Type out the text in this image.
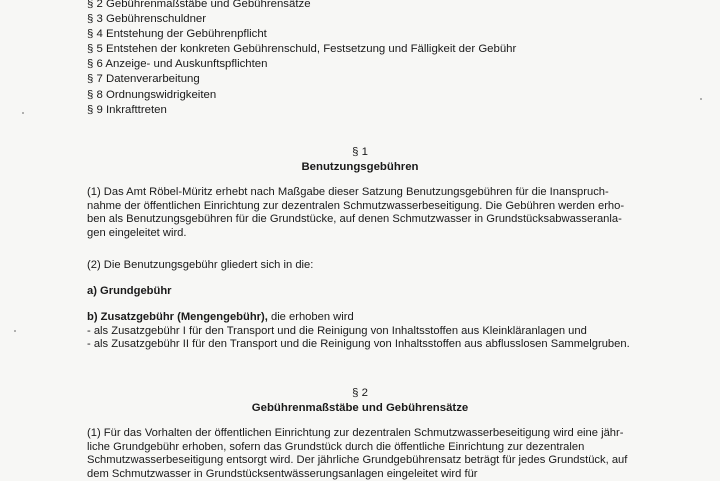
§ 2 Gebührenmaßstäbe und Gebührensätze
§ 3 Gebührenschuldner
§ 4 Entstehung der Gebührenpflicht
§ 5 Entstehen der konkreten Gebührenschuld, Festsetzung und Fälligkeit der Gebühr
§ 6 Anzeige- und Auskunftspflichten
§ 7 Datenverarbeitung
§ 8 Ordnungswidrigkeiten
§ 9 Inkrafttreten
§ 1
Benutzungsgebühren
(1) Das Amt Röbel-Müritz erhebt nach Maßgabe dieser Satzung Benutzungsgebühren für die Inanspruch-
nahme der öffentlichen Einrichtung zur dezentralen Schmutzwasserbeseitigung. Die Gebühren werden erho-
ben als Benutzungsgebühren für die Grundstücke, auf denen Schmutzwasser in Grundstücksabwasseranla-
gen eingeleitet wird.
(2) Die Benutzungsgebühr gliedert sich in die:
a) Grundgebühr
b) Zusatzgebühr (Mengengebühr), die erhoben wird
- als Zusatzgebühr I für den Transport und die Reinigung von Inhaltsstoffen aus Kleinkläranlagen und
- als Zusatzgebühr II für den Transport und die Reinigung von Inhaltsstoffen aus abflusslosen Sammelgruben.
§ 2
Gebührenmaßstäbe und Gebührensätze
(1) Für das Vorhalten der öffentlichen Einrichtung zur dezentralen Schmutzwasserbeseitigung wird eine jähr-
liche Grundgebühr erhoben, sofern das Grundstück durch die öffentliche Einrichtung zur dezentralen
Schmutzwasserbeseitigung entsorgt wird. Der jährliche Grundgebührensatz beträgt für jedes Grundstück, auf
dem Schmutzwasser in Grundstücksentwässerungsanlagen eingeleitet wird für
